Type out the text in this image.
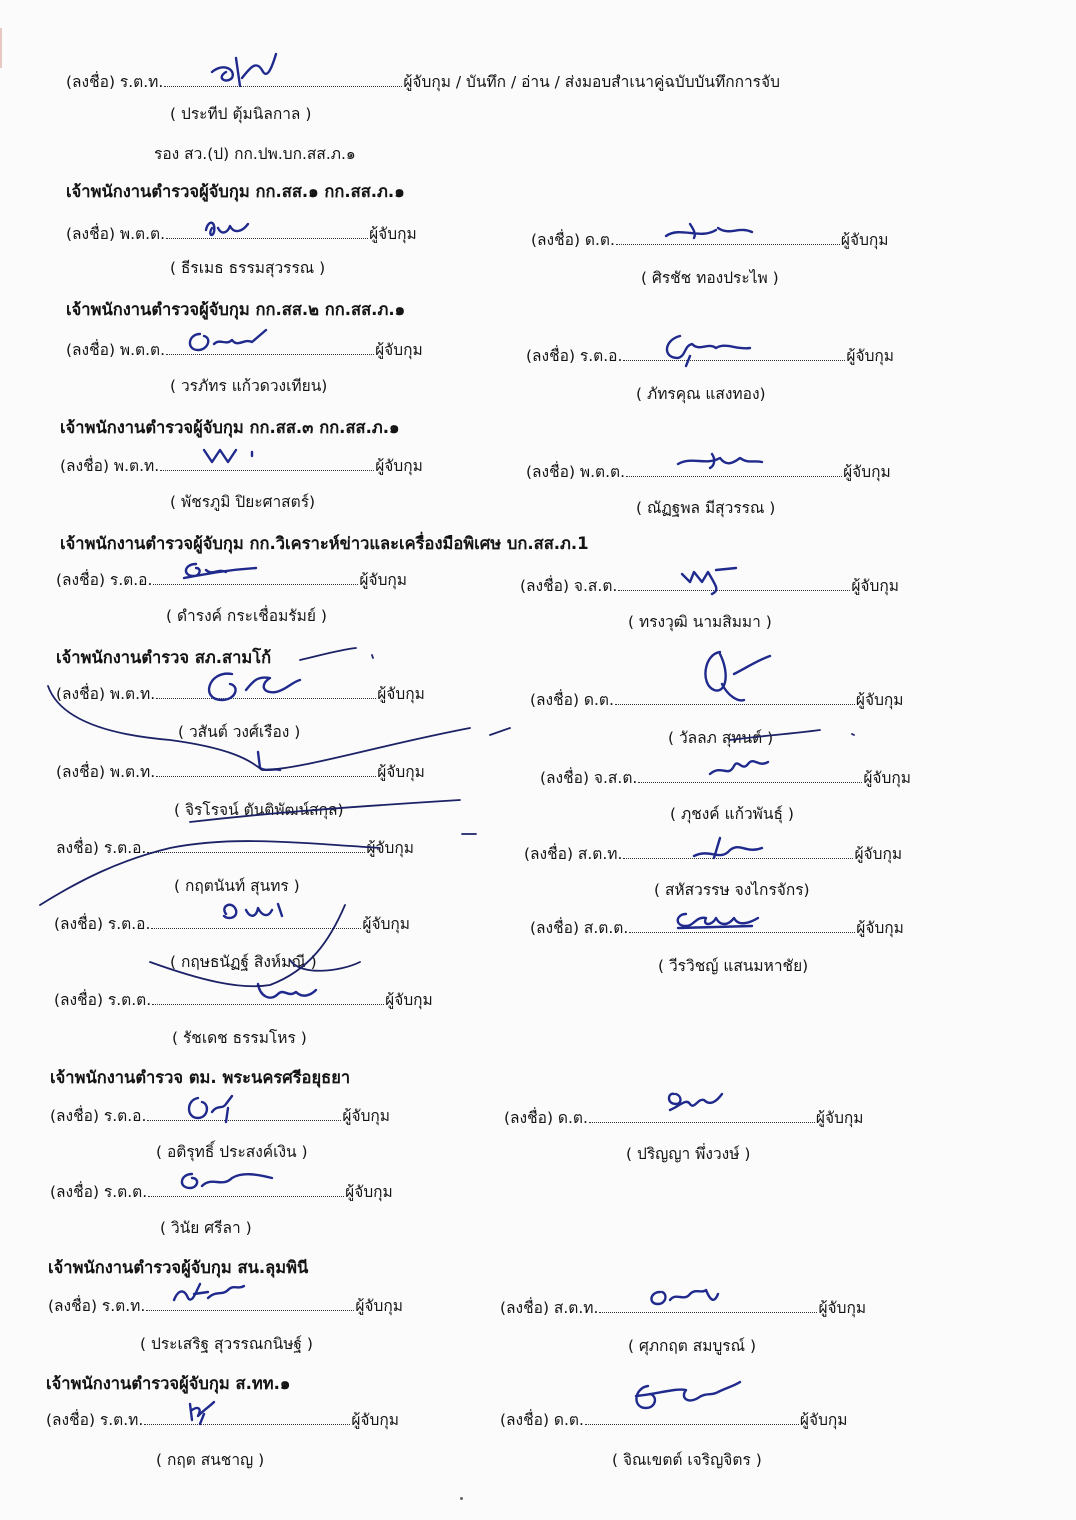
(ลงชื่อ) ร.ต.ท.	ผู้จับกุม / บันทึก / อ่าน / ส่งมอบสำเนาคู่ฉบับบันทึกการจับ
( ประทีป ตุ้มนิลกาล )
รอง สว.(ป) กก.ปพ.บก.สส.ภ.๑
เจ้าพนักงานตำรวจผู้จับกุม กก.สส.๑ กก.สส.ภ.๑
(ลงชื่อ) พ.ต.ต.	ผู้จับกุม
( ธีรเมธ ธรรมสุวรรณ )
(ลงชื่อ) ด.ต.	ผู้จับกุม
( ศิรชัช ทองประไพ )
เจ้าพนักงานตำรวจผู้จับกุม กก.สส.๒ กก.สส.ภ.๑
(ลงชื่อ) พ.ต.ต.	ผู้จับกุม
( วรภัทร แก้วดวงเทียน)
(ลงชื่อ) ร.ต.อ.	ผู้จับกุม
( ภัทรคุณ แสงทอง)
เจ้าพนักงานตำรวจผู้จับกุม กก.สส.๓ กก.สส.ภ.๑
(ลงชื่อ) พ.ต.ท.	ผู้จับกุม
( พัชรภูมิ ปิยะศาสตร์)
(ลงชื่อ) พ.ต.ต.	ผู้จับกุม
( ณัฏฐพล มีสุวรรณ )
เจ้าพนักงานตำรวจผู้จับกุม กก.วิเคราะห์ข่าวและเครื่องมือพิเศษ บก.สส.ภ.1
(ลงชื่อ) ร.ต.อ.	ผู้จับกุม
( ดำรงค์ กระเชื่อมรัมย์ )
(ลงชื่อ) จ.ส.ต.	ผู้จับกุม
( ทรงวุฒิ นามสิมมา )
เจ้าพนักงานตำรวจ สภ.สามโก้
(ลงชื่อ) พ.ต.ท.	ผู้จับกุม
( วสันต์ วงศ์เรือง )
(ลงชื่อ) ด.ต.	ผู้จับกุม
( วัลลภ สุทนต์ )
(ลงชื่อ) พ.ต.ท.	ผู้จับกุม
( จิรโรจน์ ตันติพัฒน์สกุล)
(ลงชื่อ) จ.ส.ต.	ผู้จับกุม
( ภุชงค์ แก้วพันธุ์ )
ลงชื่อ) ร.ต.อ.	ผู้จับกุม
( กฤตนันท์ สุนทร )
(ลงชื่อ) ส.ต.ท.	ผู้จับกุม
( สหัสวรรษ จงไกรจักร)
(ลงชื่อ) ร.ต.อ.	ผู้จับกุม
( กฤษธนัฏฐ์ สิงห์มณี )
(ลงชื่อ) ส.ต.ต.	ผู้จับกุม
( วีรวิชญ์ แสนมหาชัย)
(ลงชื่อ) ร.ต.ต.	ผู้จับกุม
( รัชเดช ธรรมโหร )
เจ้าพนักงานตำรวจ ตม. พระนครศรีอยุธยา
(ลงชื่อ) ร.ต.อ.	ผู้จับกุม
( อติรุทธิ์ ประสงค์เงิน )
(ลงชื่อ) ด.ต.	ผู้จับกุม
( ปริญญา พึ่งวงษ์ )
(ลงชื่อ) ร.ต.ต.	ผู้จับกุม
( วินัย ศรีลา )
เจ้าพนักงานตำรวจผู้จับกุม สน.ลุมพินี
(ลงชื่อ) ร.ต.ท.	ผู้จับกุม
( ประเสริฐ สุวรรณกนิษฐ์ )
(ลงชื่อ) ส.ต.ท.	ผู้จับกุม
( ศุภกฤต สมบูรณ์ )
เจ้าพนักงานตำรวจผู้จับกุม ส.ทท.๑
(ลงชื่อ) ร.ต.ท.	ผู้จับกุม
( กฤต สนชาญ )
(ลงชื่อ) ด.ต.	ผู้จับกุม
( จิณเขตต์ เจริญจิตร )
